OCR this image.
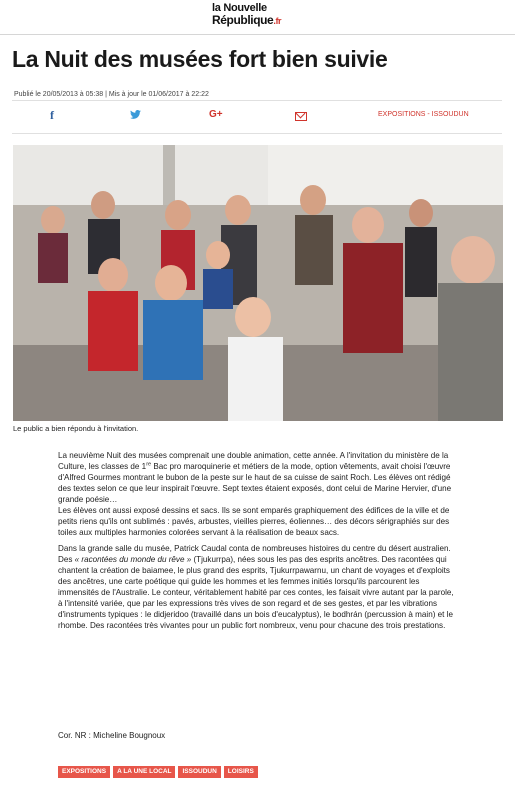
la Nouvelle
République.fr
La Nuit des musées fort bien suivie
Publié le 20/05/2013 à 05:38 | Mis à jour le 01/06/2017 à 22:22
f	G+	EXPOSITIONS - ISSOUDUN
Le public a bien répondu à l'invitation.

La neuvième Nuit des musées comprenait une double animation, cette année. A l'invitation du ministère de la Culture, les classes de 1re Bac pro maroquinerie et métiers de la mode, option vêtements, avait choisi l'œuvre d'Alfred Gourmes montrant le bubon de la peste sur le haut de sa cuisse de saint Roch. Les élèves ont rédigé des textes selon ce que leur inspirait l'œuvre. Sept textes étaient exposés, dont celui de Marine Hervier, d'une grande poésie…

Les élèves ont aussi exposé dessins et sacs. Ils se sont emparés graphiquement des édifices de la ville et de petits riens qu'ils ont sublimés : pavés, arbustes, vieilles pierres, éoliennes… des décors sérigraphiés sur des toiles aux multiples harmonies colorées servant à la réalisation de beaux sacs.

Dans la grande salle du musée, Patrick Caudal conta de nombreuses histoires du centre du désert australien. Des « racontées du monde du rêve » (Tjukurrpa), nées sous les pas des esprits ancêtres. Des racontées qui chantent la création de baiamee, le plus grand des esprits, Tjukurrpawarnu, un chant de voyages et d'exploits des ancêtres, une carte poétique qui guide les hommes et les femmes initiés lorsqu'ils parcourent les immensités de l'Australie. Le conteur, véritablement habité par ces contes, les faisait vivre autant par la parole, à l'intensité variée, que par les expressions très vives de son regard et de ses gestes, et par les vibrations d'instruments typiques : le didjeridoo (travaillé dans un bois d'eucalyptus), le bodhrán (percussion à main) et le rhombe. Des racontées très vivantes pour un public fort nombreux, venu pour chacune des trois prestations.

Cor. NR : Micheline Bougnoux
EXPOSITIONS A LA UNE LOCAL ISSOUDUN LOISIRS
